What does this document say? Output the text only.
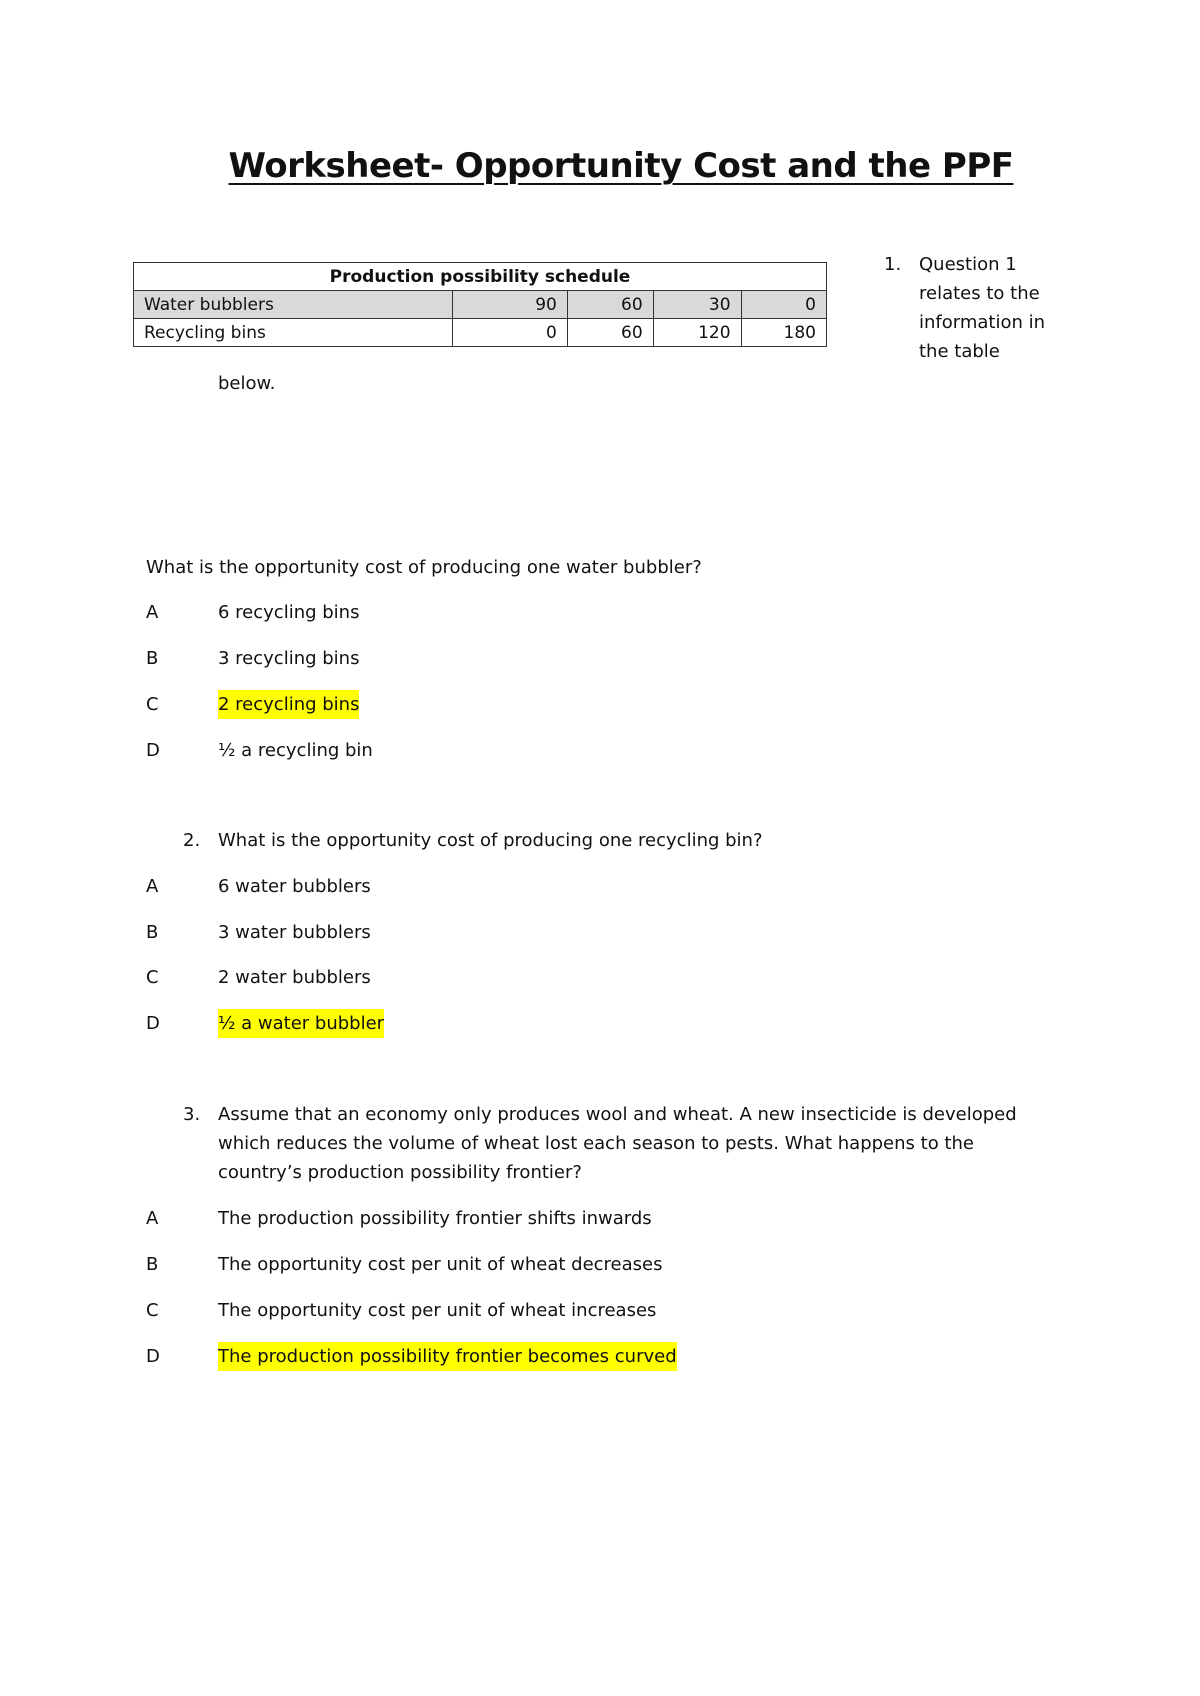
Worksheet- Opportunity Cost and the PPF
Production possibility schedule				
Water bubblers	90	60	30	0
Recycling bins	0	60	120	180
1. Question 1
relates to the
information in
the table
below.
What is the opportunity cost of producing one water bubbler?
A	6 recycling bins
B	3 recycling bins
C	2 recycling bins
D	½ a recycling bin
2. What is the opportunity cost of producing one recycling bin?
A	6 water bubblers
B	3 water bubblers
C	2 water bubblers
D	½ a water bubbler
3. Assume that an economy only produces wool and wheat. A new insecticide is developed
which reduces the volume of wheat lost each season to pests. What happens to the
country’s production possibility frontier?
A	The production possibility frontier shifts inwards
B	The opportunity cost per unit of wheat decreases
C	The opportunity cost per unit of wheat increases
D	The production possibility frontier becomes curved
